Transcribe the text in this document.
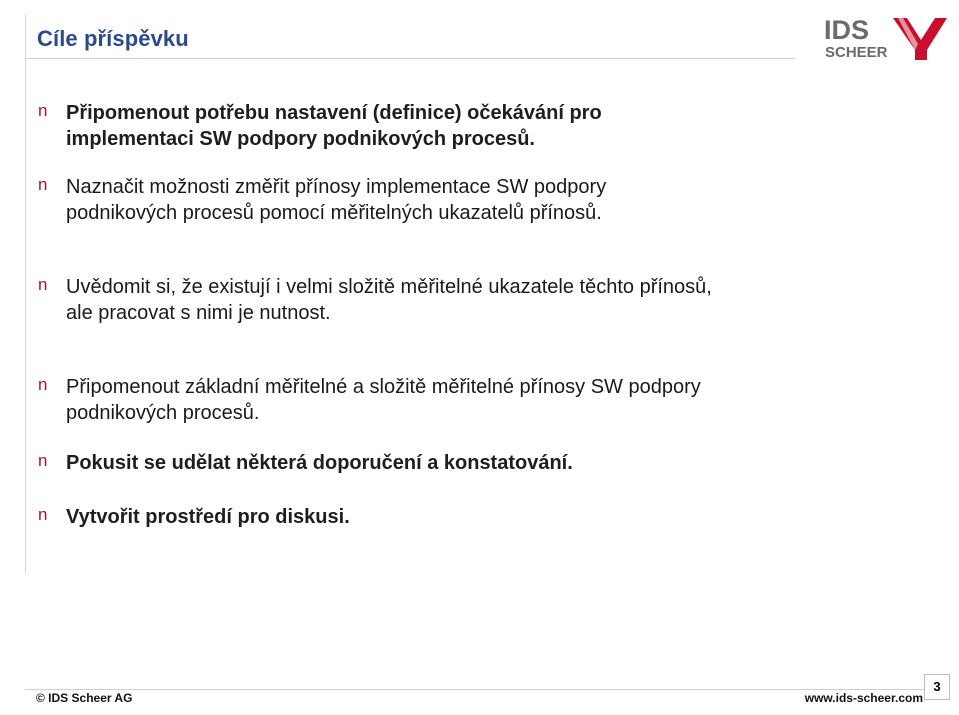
Cíle příspěvku	IDS
SCHEER
n Připomenout potřebu nastavení (definice) očekávání pro implementaci SW podpory podnikových procesů.
n Naznačit možnosti změřit přínosy implementace SW podpory podnikových procesů pomocí měřitelných ukazatelů přínosů.
n Uvědomit si, že existují i velmi složitě měřitelné ukazatele těchto přínosů, ale pracovat s nimi je nutnost.
n Připomenout základní měřitelné a složitě měřitelné přínosy SW podpory podnikových procesů.
n Pokusit se udělat některá doporučení a konstatování.
n Vytvořit prostředí pro diskusi.
© IDS Scheer AG	www.ids-scheer.com
3
